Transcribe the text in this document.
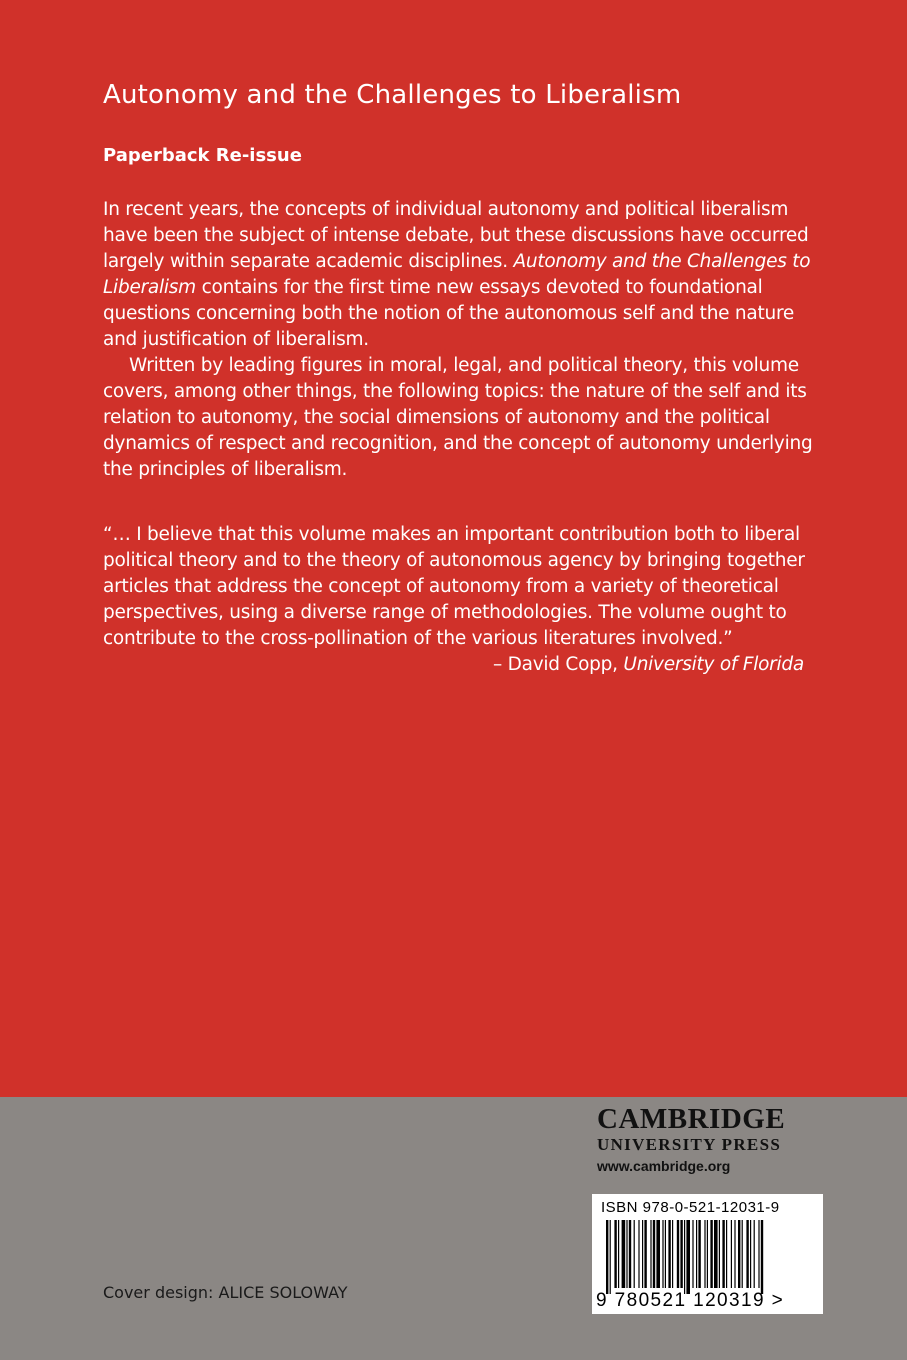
Autonomy and the Challenges to Liberalism
Paperback Re-issue

In recent years, the concepts of individual autonomy and political liberalism have been the subject of intense debate, but these discussions have occurred largely within separate academic disciplines. Autonomy and the Challenges to Liberalism contains for the first time new essays devoted to foundational questions concerning both the notion of the autonomous self and the nature and justification of liberalism.

Written by leading figures in moral, legal, and political theory, this volume covers, among other things, the following topics: the nature of the self and its relation to autonomy, the social dimensions of autonomy and the political dynamics of respect and recognition, and the concept of autonomy underlying the principles of liberalism.

“… I believe that this volume makes an important contribution both to liberal political theory and to the theory of autonomous agency by bringing together articles that address the concept of autonomy from a variety of theoretical perspectives, using a diverse range of methodologies. The volume ought to contribute to the cross-pollination of the various literatures involved.”

– David Copp, University of Florida

CAMBRIDGE
UNIVERSITY PRESS
www.cambridge.org
ISBN 978-0-521-12031-9
9 780521 120319 >
Cover design: ALICE SOLOWAY
